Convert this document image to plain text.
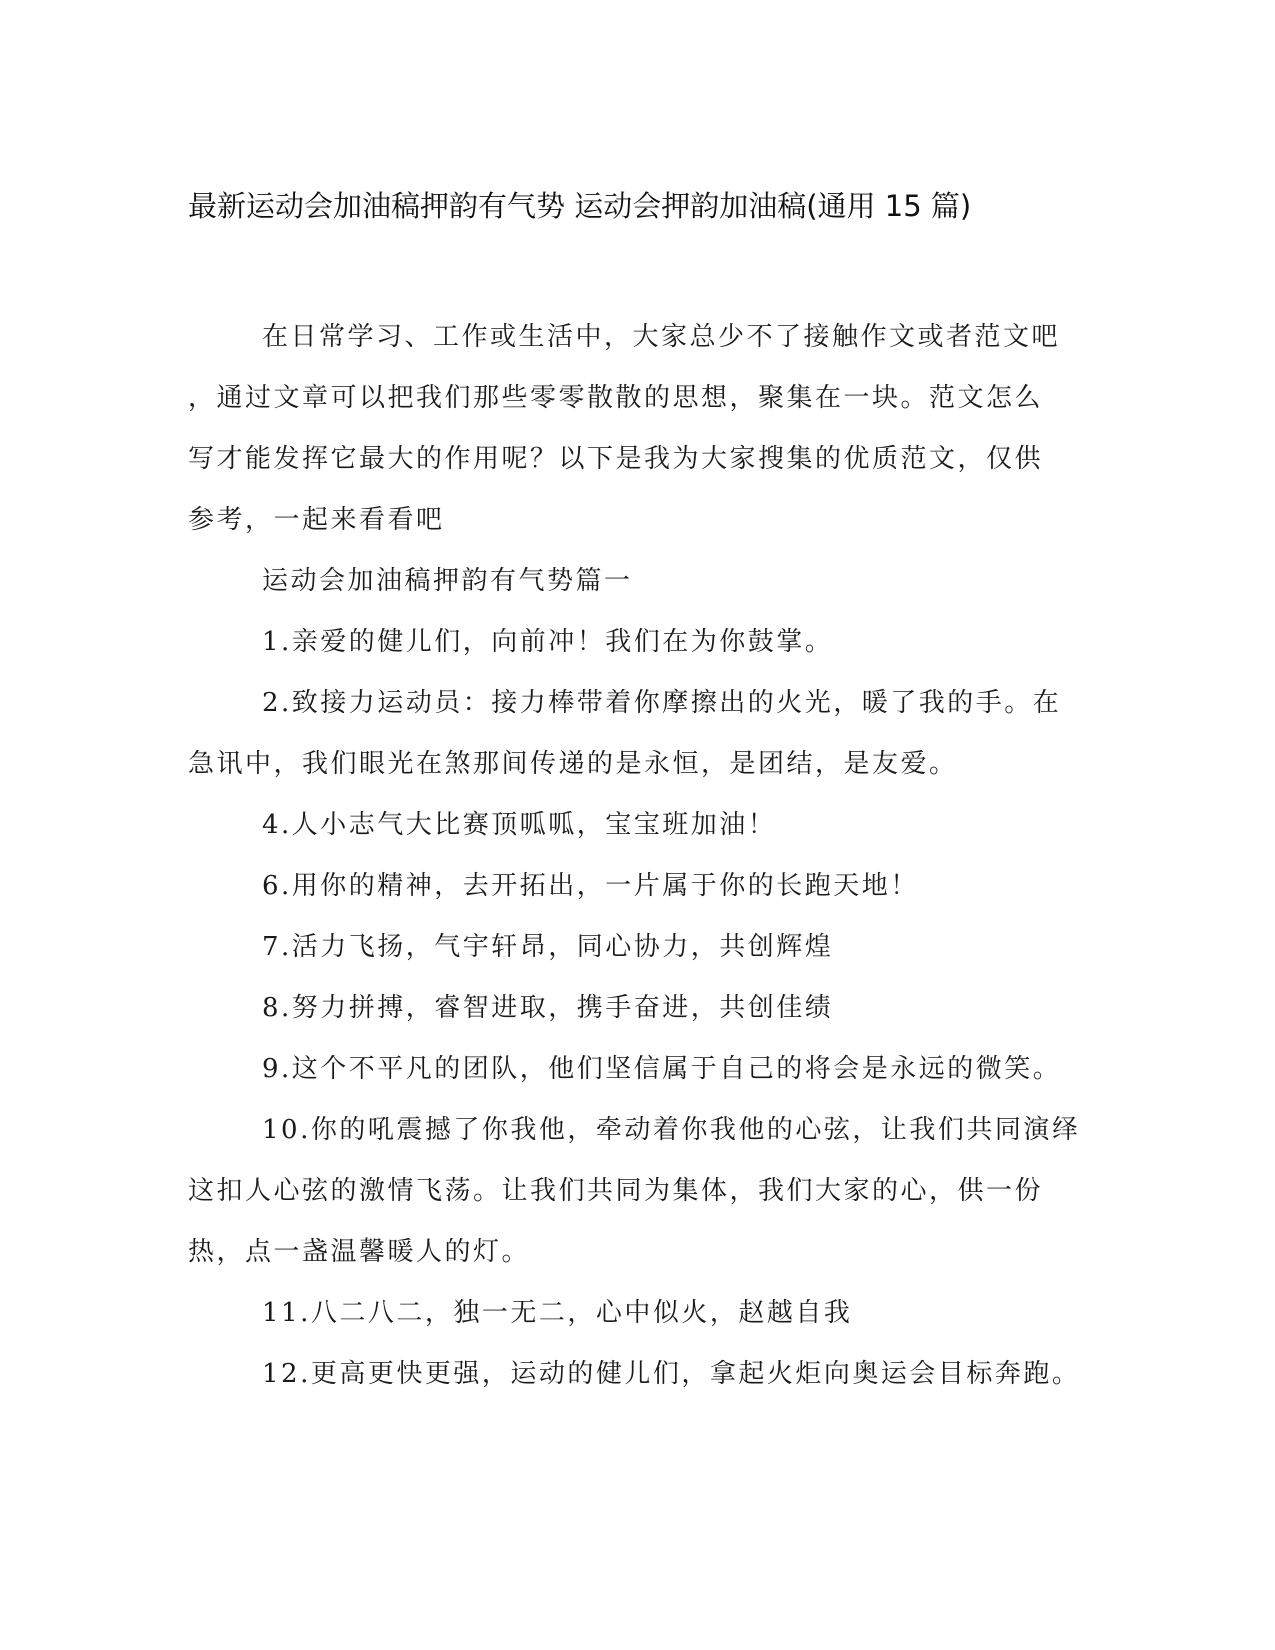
最新运动会加油稿押韵有气势 运动会押韵加油稿(通用 15 篇)
在日常学习、工作或生活中，大家总少不了接触作文或者范文吧
，通过文章可以把我们那些零零散散的思想，聚集在一块。范文怎么
写才能发挥它最大的作用呢？以下是我为大家搜集的优质范文，仅供
参考，一起来看看吧
运动会加油稿押韵有气势篇一
1.亲爱的健儿们，向前冲！我们在为你鼓掌。
2.致接力运动员：接力棒带着你摩擦出的火光，暖了我的手。在
急讯中，我们眼光在煞那间传递的是永恒，是团结，是友爱。
4.人小志气大比赛顶呱呱，宝宝班加油！
6.用你的精神，去开拓出，一片属于你的长跑天地！
7.活力飞扬，气宇轩昂，同心协力，共创辉煌
8.努力拼搏，睿智进取，携手奋进，共创佳绩
9.这个不平凡的团队，他们坚信属于自己的将会是永远的微笑。
10.你的吼震撼了你我他，牵动着你我他的心弦，让我们共同演绎
这扣人心弦的激情飞荡。让我们共同为集体，我们大家的心，供一份
热，点一盏温馨暖人的灯。
11.八二八二，独一无二，心中似火，赵越自我
12.更高更快更强，运动的健儿们，拿起火炬向奥运会目标奔跑。
